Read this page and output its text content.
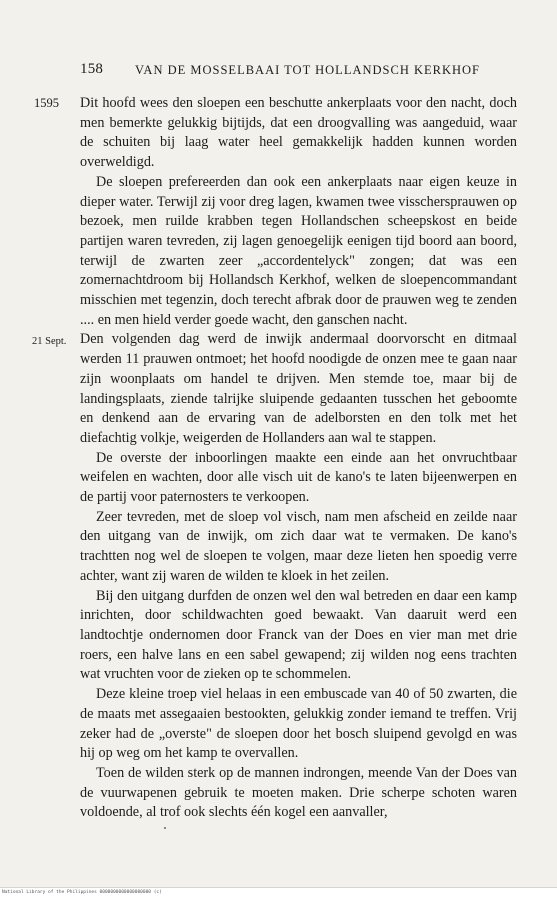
158	VAN DE MOSSELBAAI TOT HOLLANDSCH KERKHOF

1595 Dit hoofd wees den sloepen een beschutte ankerplaats voor den nacht, doch men bemerkte gelukkig bijtijds, dat een droogvalling was aangeduid, waar de schuiten bij laag water heel gemakkelijk hadden kunnen worden overweldigd.

De sloepen prefereerden dan ook een ankerplaats naar eigen keuze in dieper water. Terwijl zij voor dreg lagen, kwamen twee visschersprauwen op bezoek, men ruilde krabben tegen Hollandschen scheepskost en beide partijen waren tevreden, zij lagen genoegelijk eenigen tijd boord aan boord, terwijl de zwarten zeer „accordentelyck" zongen; dat was een zomernachtdroom bij Hollandsch Kerkhof, welken de sloepencommandant misschien met tegenzin, doch terecht afbrak door de prauwen weg te zenden .... en men hield verder goede wacht, den ganschen nacht.

21 Sept. Den volgenden dag werd de inwijk andermaal doorvorscht en ditmaal werden 11 prauwen ontmoet; het hoofd noodigde de onzen mee te gaan naar zijn woonplaats om handel te drijven. Men stemde toe, maar bij de landingsplaats, ziende talrijke sluipende gedaanten tusschen het geboomte en denkend aan de ervaring van de adelborsten en den tolk met het diefachtig volkje, weigerden de Hollanders aan wal te stappen.

De overste der inboorlingen maakte een einde aan het onvruchtbaar weifelen en wachten, door alle visch uit de kano's te laten bijeenwerpen en de partij voor paternosters te verkoopen.

Zeer tevreden, met de sloep vol visch, nam men afscheid en zeilde naar den uitgang van de inwijk, om zich daar wat te vermaken. De kano's trachtten nog wel de sloepen te volgen, maar deze lieten hen spoedig verre achter, want zij waren de wilden te kloek in het zeilen.

Bij den uitgang durfden de onzen wel den wal betreden en daar een kamp inrichten, door schildwachten goed bewaakt. Van daaruit werd een landtochtje ondernomen door Franck van der Does en vier man met drie roers, een halve lans en een sabel gewapend; zij wilden nog eens trachten wat vruchten voor de zieken op te schommelen.

Deze kleine troep viel helaas in een embuscade van 40 of 50 zwarten, die de maats met assegaaien bestookten, gelukkig zonder iemand te treffen. Vrij zeker had de „overste" de sloepen door het bosch sluipend gevolgd en was hij op weg om het kamp te overvallen.

Toen de wilden sterk op de mannen indrongen, meende Van der Does van de vuurwapenen gebruik te moeten maken. Drie scherpe schoten waren voldoende, al trof ook slechts één kogel een aanvaller,

National Library of the Philippines 0000000000000000000 (c)
